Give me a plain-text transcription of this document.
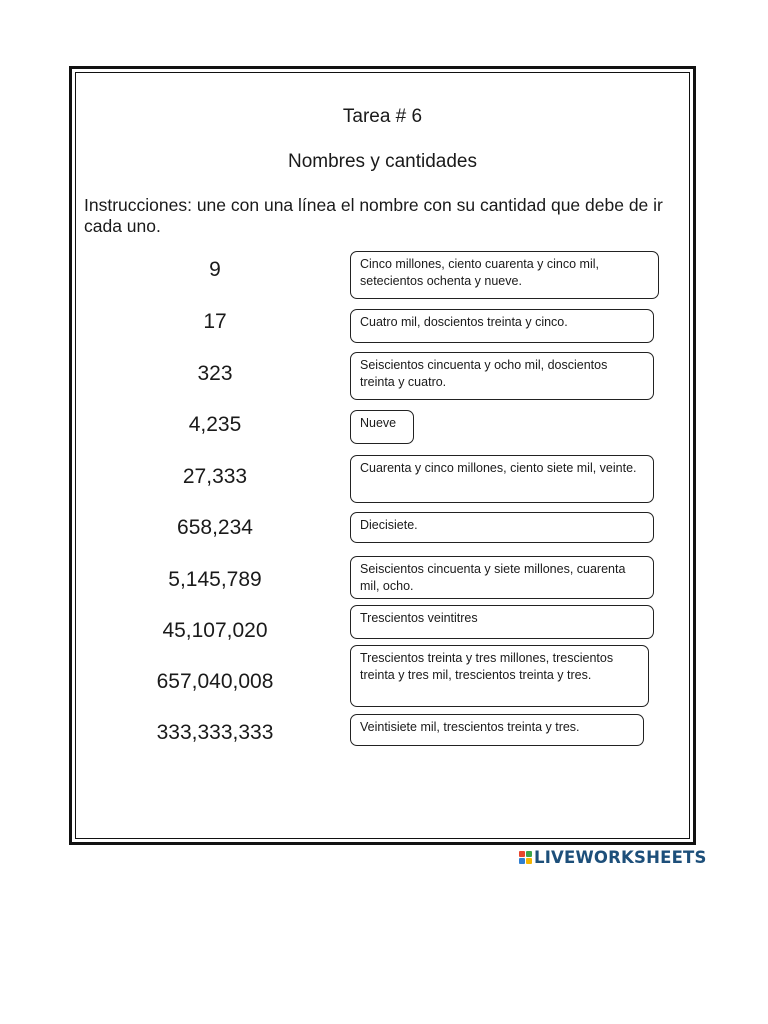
Tarea # 6
Nombres y cantidades

Instrucciones: une con una línea el nombre con su cantidad que debe de ir cada uno.

9
17
323
4,235
27,333
658,234
5,145,789
45,107,020
657,040,008
333,333,333
Cinco millones, ciento cuarenta y cinco mil, setecientos ochenta y nueve.
Cuatro mil, doscientos treinta y cinco.
Seiscientos cincuenta y ocho mil, doscientos treinta y cuatro.
Nueve
Cuarenta y cinco millones, ciento siete mil, veinte.
Diecisiete.
Seiscientos cincuenta y siete millones, cuarenta mil, ocho.
Trescientos veintitres
Trescientos treinta y tres millones, trescientos treinta y tres mil, trescientos treinta y tres.
Veintisiete mil, trescientos treinta y tres.
LIVEWORKSHEETS
